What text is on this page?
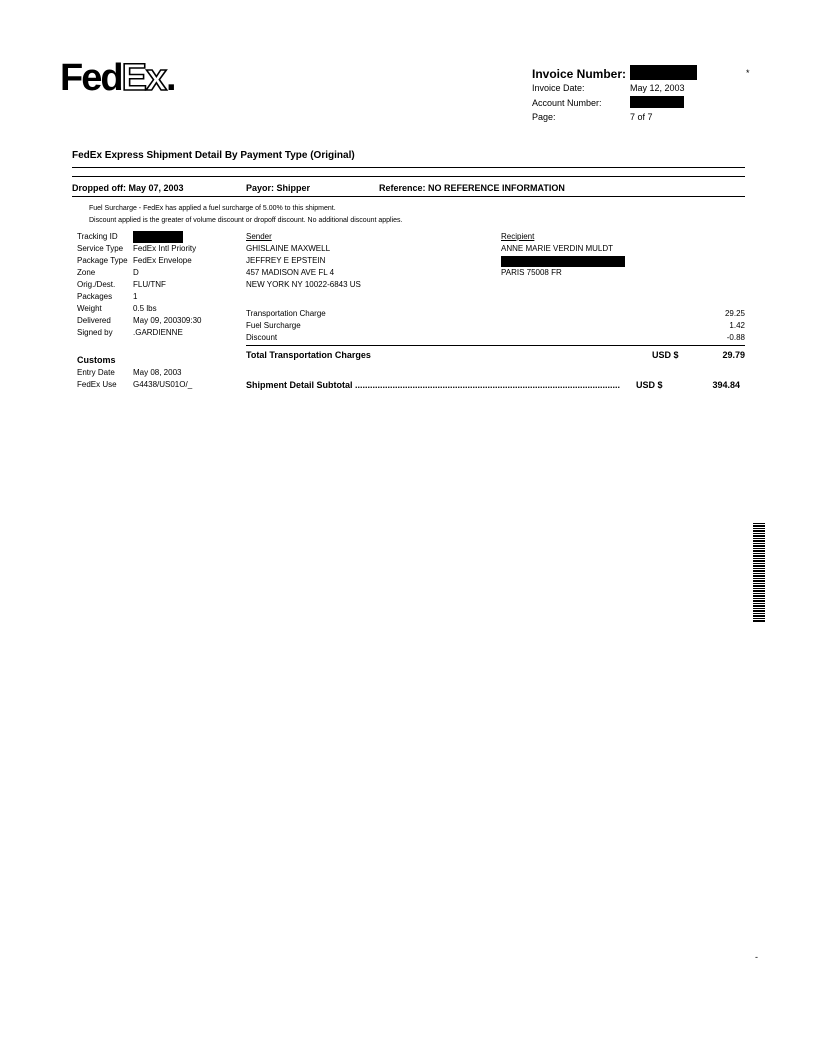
FedEx.	Invoice Number:	*
Invoice Date:	May 12, 2003
Account Number:
Page:	7 of 7
FedEx Express Shipment Detail By Payment Type (Original)
Dropped off: May 07, 2003	Payor: Shipper	Reference: NO REFERENCE INFORMATION
Fuel Surcharge - FedEx has applied a fuel surcharge of 5.00% to this shipment.
Discount applied is the greater of volume discount or dropoff discount. No additional discount applies.
Tracking ID
Service Type FedEx Intl Priority
Package Type FedEx Envelope
Zone	D
Orig./Dest. FLU/TNF
Packages	1
Weight	0.5 lbs
Delivered	May 09, 200309:30
Signed by	.GARDIENNE
Customs
Entry Date May 08, 2003
FedEx Use G4438/US01O/_
Sender
GHISLAINE MAXWELL
JEFFREY E EPSTEIN
457 MADISON AVE FL 4
NEW YORK NY 10022-6843 US
Recipient
ANNE MARIE VERDIN MULDT
PARIS 75008 FR
Transportation Charge	29.25
Fuel Surcharge	1.42
Discount	-0.88
Total Transportation Charges	USD $	29.79
Shipment Detail Subtotal ..........................................................................................................	USD $	394.84
-
